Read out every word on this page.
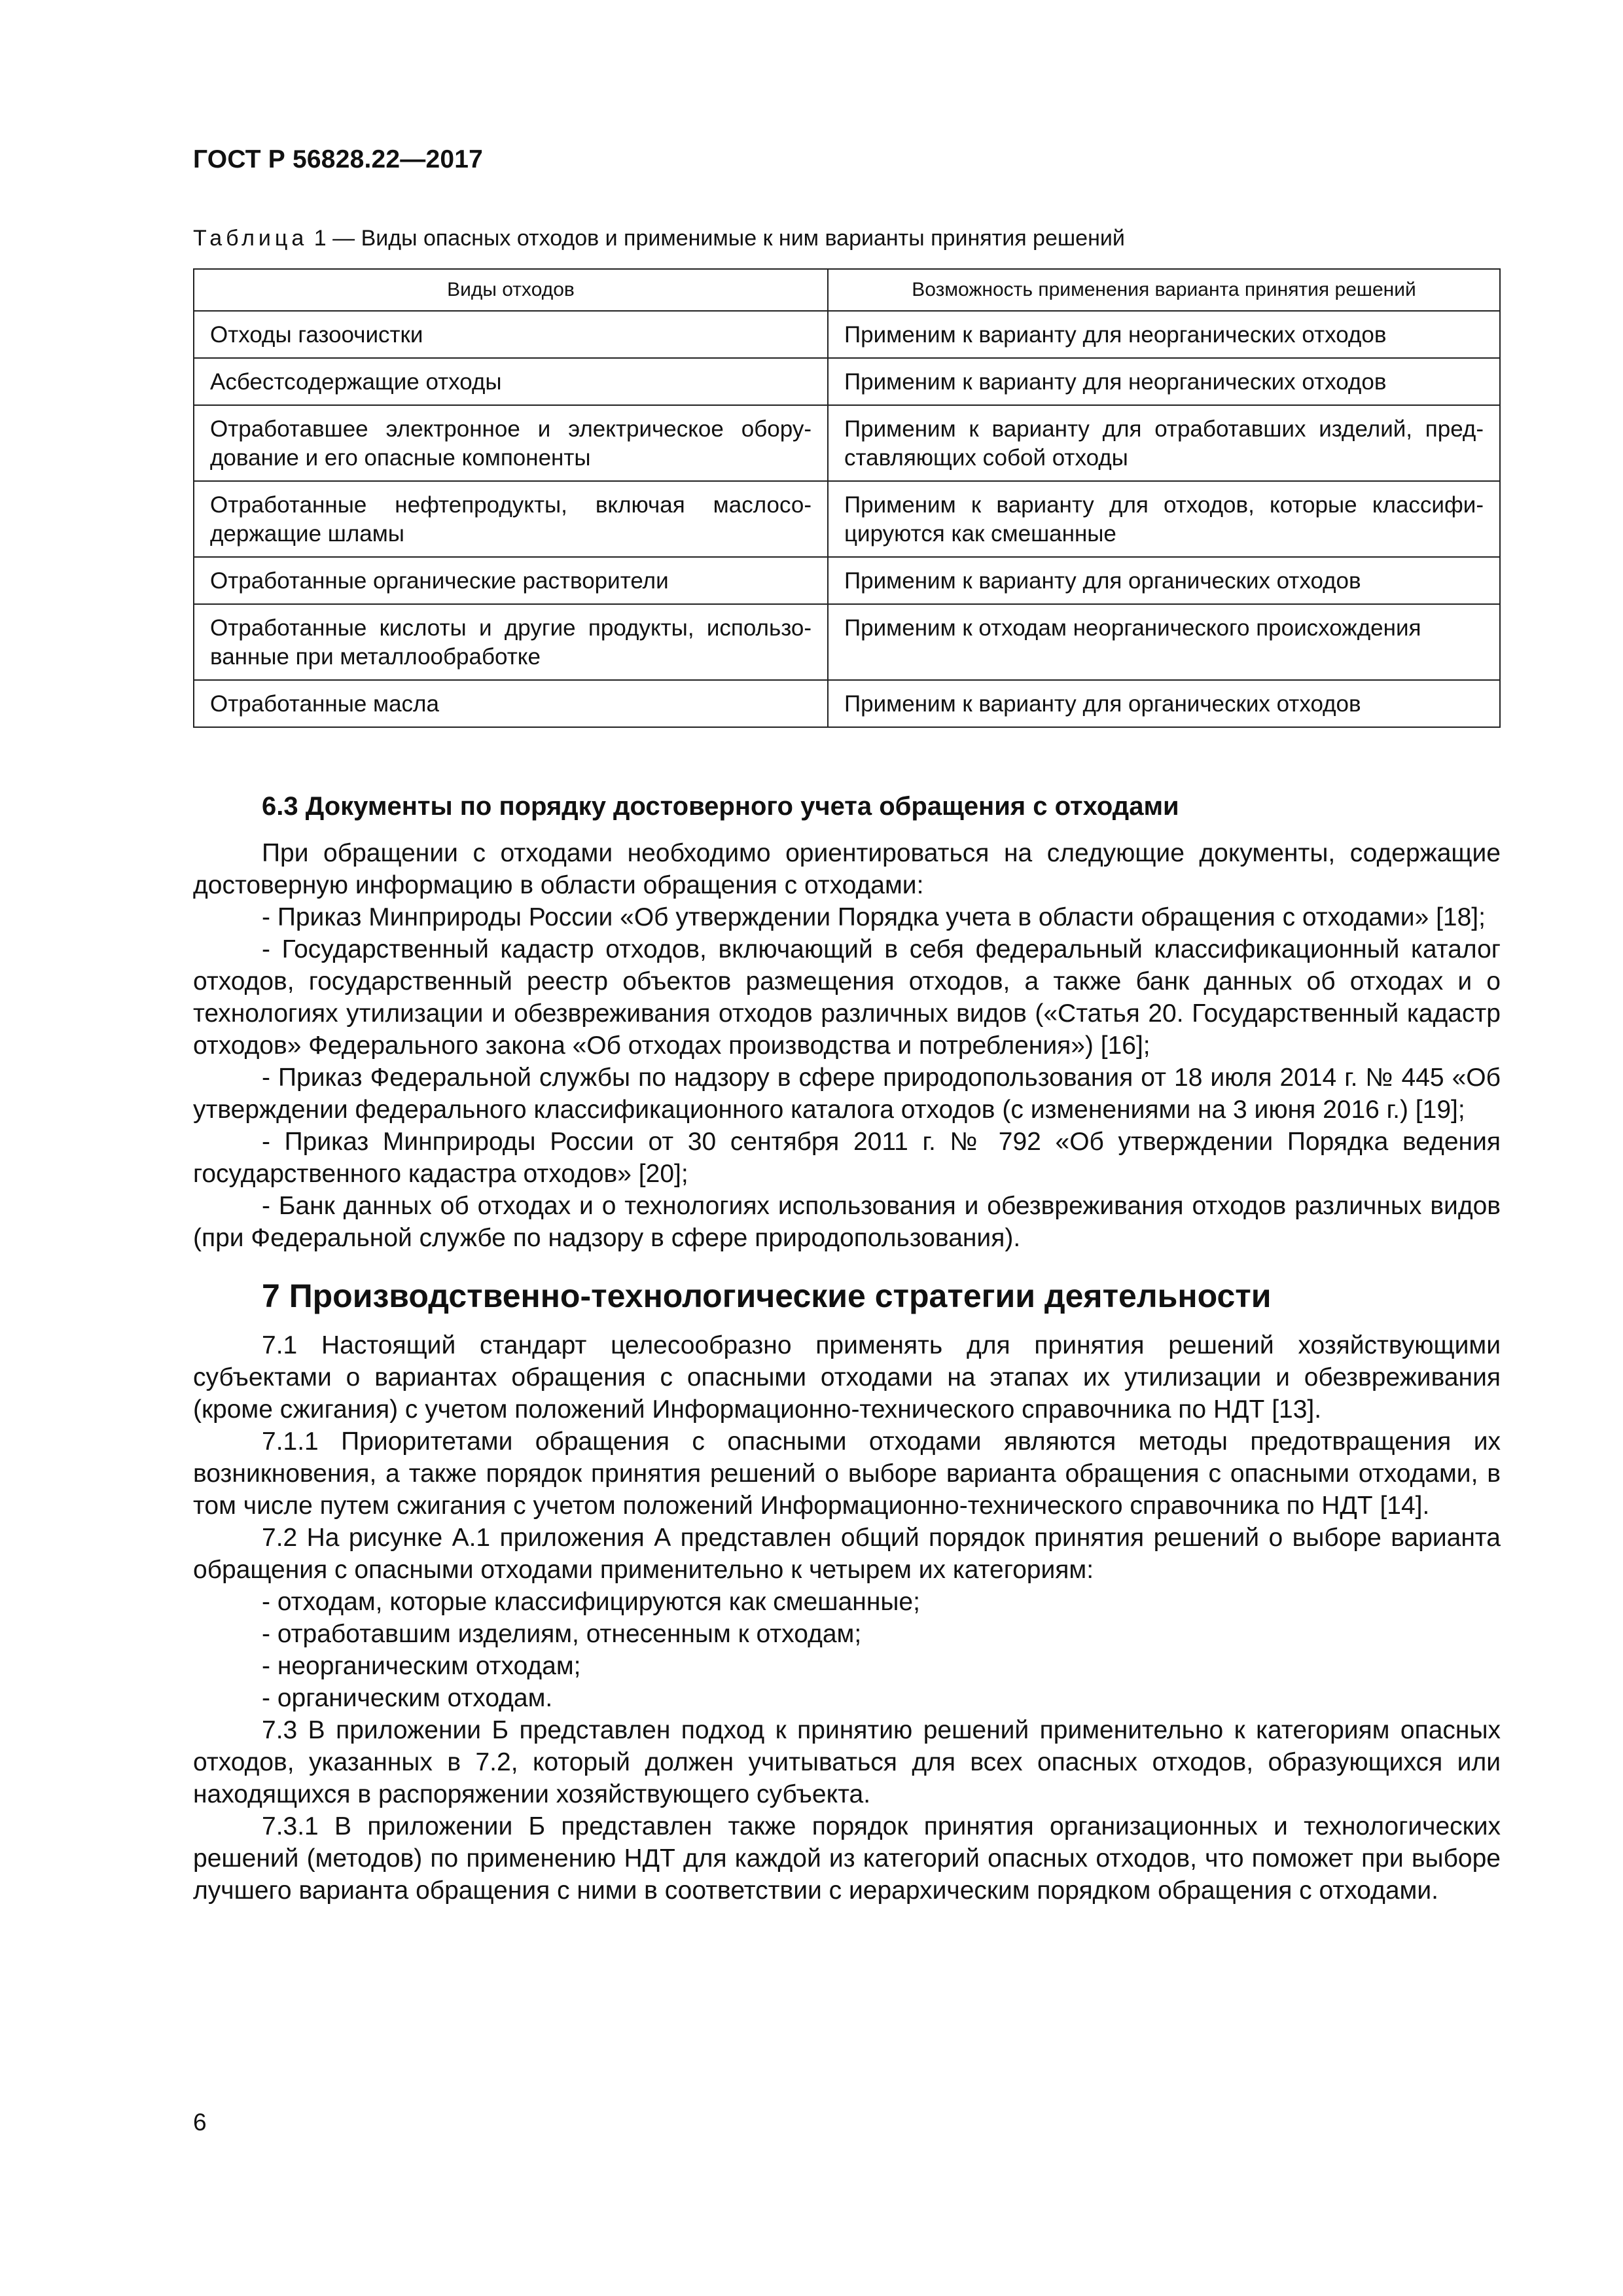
ГОСТ Р 56828.22—2017
Таблица 1 — Виды опасных отходов и применимые к ним варианты принятия решений
Виды отходов	Возможность применения варианта принятия решений
Отходы газоочистки	Применим к варианту для неорганических отходов
Асбестсодержащие отходы	Применим к варианту для неорганических отходов
Отработавшее электронное и электрическое обору-дование и его опасные компоненты	Применим к варианту для отработавших изделий, пред-ставляющих собой отходы
Отработанные нефтепродукты, включая маслосо-держащие шламы	Применим к варианту для отходов, которые классифи-цируются как смешанные
Отработанные органические растворители	Применим к варианту для органических отходов
Отработанные кислоты и другие продукты, использо-ванные при металлообработке	Применим к отходам неорганического происхождения
Отработанные масла	Применим к варианту для органических отходов

6.3 Документы по порядку достоверного учета обращения с отходами

При обращении с отходами необходимо ориентироваться на следующие документы, содержащие достоверную информацию в области обращения с отходами:

- Приказ Минприроды России «Об утверждении Порядка учета в области обращения с отходами» [18];

- Государственный кадастр отходов, включающий в себя федеральный классификационный каталог отходов, государственный реестр объектов размещения отходов, а также банк данных об отходах и о технологиях утилизации и обезвреживания отходов различных видов («Статья 20. Государственный кадастр отходов» Федерального закона «Об отходах производства и потребления») [16];

- Приказ Федеральной службы по надзору в сфере природопользования от 18 июля 2014 г. № 445 «Об утверждении федерального классификационного каталога отходов (с изменениями на 3 июня 2016 г.) [19];

- Приказ Минприроды России от 30 сентября 2011 г. № 792 «Об утверждении Порядка ведения государственного кадастра отходов» [20];

- Банк данных об отходах и о технологиях использования и обезвреживания отходов различных видов (при Федеральной службе по надзору в сфере природопользования).

7 Производственно-технологические стратегии деятельности

7.1 Настоящий стандарт целесообразно применять для принятия решений хозяйствующими субъектами о вариантах обращения с опасными отходами на этапах их утилизации и обезвреживания (кроме сжигания) с учетом положений Информационно-технического справочника по НДТ [13].

7.1.1 Приоритетами обращения с опасными отходами являются методы предотвращения их возникновения, а также порядок принятия решений о выборе варианта обращения с опасными отходами, в том числе путем сжигания с учетом положений Информационно-технического справочника по НДТ [14].

7.2 На рисунке А.1 приложения А представлен общий порядок принятия решений о выборе варианта обращения с опасными отходами применительно к четырем их категориям:

- отходам, которые классифицируются как смешанные;

- отработавшим изделиям, отнесенным к отходам;

- неорганическим отходам;

- органическим отходам.

7.3 В приложении Б представлен подход к принятию решений применительно к категориям опасных отходов, указанных в 7.2, который должен учитываться для всех опасных отходов, образующихся или находящихся в распоряжении хозяйствующего субъекта.

7.3.1 В приложении Б представлен также порядок принятия организационных и технологических решений (методов) по применению НДТ для каждой из категорий опасных отходов, что поможет при выборе лучшего варианта обращения с ними в соответствии с иерархическим порядком обращения с отходами.

6
